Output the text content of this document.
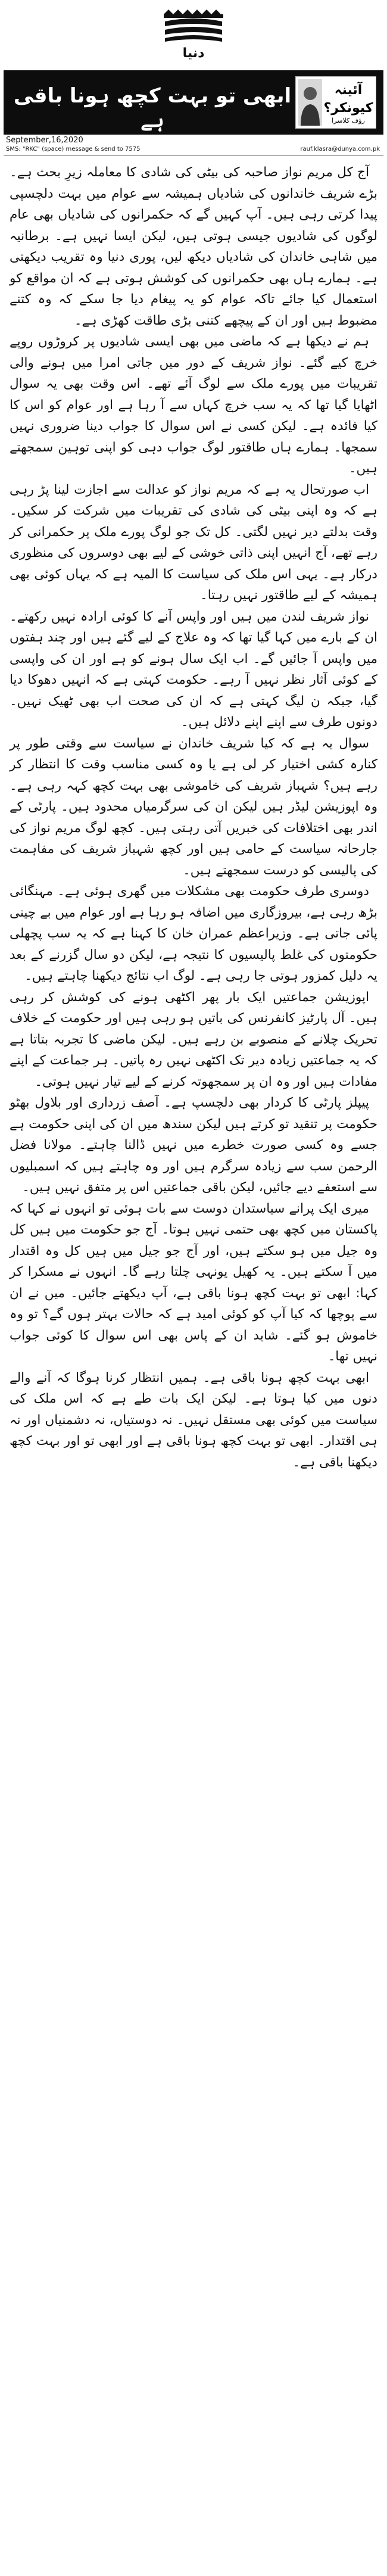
دنیا
ابھی تو بہت کچھ ہونا باقی ہے
آئینہ کیونکر؟
رؤف کلاسرا
September,16,2020
SMS: "RKC" (space) message & send to 7575	rauf.klasra@dunya.com.pk

آج کل مریم نواز صاحبہ کی بیٹی کی شادی کا معاملہ زیرِ بحث ہے۔ بڑے شریف خاندانوں کی شادیاں ہمیشہ سے عوام میں بہت دلچسپی پیدا کرتی رہی ہیں۔ آپ کہیں گے کہ حکمرانوں کی شادیاں بھی عام لوگوں کی شادیوں جیسی ہوتی ہیں، لیکن ایسا نہیں ہے۔ برطانیہ میں شاہی خاندان کی شادیاں دیکھ لیں، پوری دنیا وہ تقریب دیکھتی ہے۔ ہمارے ہاں بھی حکمرانوں کی کوشش ہوتی ہے کہ ان مواقع کو استعمال کیا جائے تاکہ عوام کو یہ پیغام دیا جا سکے کہ وہ کتنے مضبوط ہیں اور ان کے پیچھے کتنی بڑی طاقت کھڑی ہے۔

ہم نے دیکھا ہے کہ ماضی میں بھی ایسی شادیوں پر کروڑوں روپے خرچ کیے گئے۔ نواز شریف کے دور میں جاتی امرا میں ہونے والی تقریبات میں پورے ملک سے لوگ آئے تھے۔ اس وقت بھی یہ سوال اٹھایا گیا تھا کہ یہ سب خرچ کہاں سے آ رہا ہے اور عوام کو اس کا کیا فائدہ ہے۔ لیکن کسی نے اس سوال کا جواب دینا ضروری نہیں سمجھا۔ ہمارے ہاں طاقتور لوگ جواب دہی کو اپنی توہین سمجھتے ہیں۔

اب صورتحال یہ ہے کہ مریم نواز کو عدالت سے اجازت لینا پڑ رہی ہے کہ وہ اپنی بیٹی کی شادی کی تقریبات میں شرکت کر سکیں۔ وقت بدلتے دیر نہیں لگتی۔ کل تک جو لوگ پورے ملک پر حکمرانی کر رہے تھے، آج انہیں اپنی ذاتی خوشی کے لیے بھی دوسروں کی منظوری درکار ہے۔ یہی اس ملک کی سیاست کا المیہ ہے کہ یہاں کوئی بھی ہمیشہ کے لیے طاقتور نہیں رہتا۔

نواز شریف لندن میں ہیں اور واپس آنے کا کوئی ارادہ نہیں رکھتے۔ ان کے بارے میں کہا گیا تھا کہ وہ علاج کے لیے گئے ہیں اور چند ہفتوں میں واپس آ جائیں گے۔ اب ایک سال ہونے کو ہے اور ان کی واپسی کے کوئی آثار نظر نہیں آ رہے۔ حکومت کہتی ہے کہ انہیں دھوکا دیا گیا، جبکہ ن لیگ کہتی ہے کہ ان کی صحت اب بھی ٹھیک نہیں۔ دونوں طرف سے اپنے اپنے دلائل ہیں۔

سوال یہ ہے کہ کیا شریف خاندان نے سیاست سے وقتی طور پر کنارہ کشی اختیار کر لی ہے یا وہ کسی مناسب وقت کا انتظار کر رہے ہیں؟ شہباز شریف کی خاموشی بھی بہت کچھ کہہ رہی ہے۔ وہ اپوزیشن لیڈر ہیں لیکن ان کی سرگرمیاں محدود ہیں۔ پارٹی کے اندر بھی اختلافات کی خبریں آتی رہتی ہیں۔ کچھ لوگ مریم نواز کی جارحانہ سیاست کے حامی ہیں اور کچھ شہباز شریف کی مفاہمت کی پالیسی کو درست سمجھتے ہیں۔

دوسری طرف حکومت بھی مشکلات میں گھری ہوئی ہے۔ مہنگائی بڑھ رہی ہے، بیروزگاری میں اضافہ ہو رہا ہے اور عوام میں بے چینی پائی جاتی ہے۔ وزیراعظم عمران خان کا کہنا ہے کہ یہ سب پچھلی حکومتوں کی غلط پالیسیوں کا نتیجہ ہے، لیکن دو سال گزرنے کے بعد یہ دلیل کمزور ہوتی جا رہی ہے۔ لوگ اب نتائج دیکھنا چاہتے ہیں۔

اپوزیشن جماعتیں ایک بار پھر اکٹھی ہونے کی کوشش کر رہی ہیں۔ آل پارٹیز کانفرنس کی باتیں ہو رہی ہیں اور حکومت کے خلاف تحریک چلانے کے منصوبے بن رہے ہیں۔ لیکن ماضی کا تجربہ بتاتا ہے کہ یہ جماعتیں زیادہ دیر تک اکٹھی نہیں رہ پاتیں۔ ہر جماعت کے اپنے مفادات ہیں اور وہ ان پر سمجھوتہ کرنے کے لیے تیار نہیں ہوتی۔

پیپلز پارٹی کا کردار بھی دلچسپ ہے۔ آصف زرداری اور بلاول بھٹو حکومت پر تنقید تو کرتے ہیں لیکن سندھ میں ان کی اپنی حکومت ہے جسے وہ کسی صورت خطرے میں نہیں ڈالنا چاہتے۔ مولانا فضل الرحمن سب سے زیادہ سرگرم ہیں اور وہ چاہتے ہیں کہ اسمبلیوں سے استعفے دیے جائیں، لیکن باقی جماعتیں اس پر متفق نہیں ہیں۔

میری ایک پرانے سیاستدان دوست سے بات ہوئی تو انہوں نے کہا کہ پاکستان میں کچھ بھی حتمی نہیں ہوتا۔ آج جو حکومت میں ہیں کل وہ جیل میں ہو سکتے ہیں، اور آج جو جیل میں ہیں کل وہ اقتدار میں آ سکتے ہیں۔ یہ کھیل یونہی چلتا رہے گا۔ انہوں نے مسکرا کر کہا: ابھی تو بہت کچھ ہونا باقی ہے، آپ دیکھتے جائیں۔ میں نے ان سے پوچھا کہ کیا آپ کو کوئی امید ہے کہ حالات بہتر ہوں گے؟ تو وہ خاموش ہو گئے۔ شاید ان کے پاس بھی اس سوال کا کوئی جواب نہیں تھا۔

ابھی بہت کچھ ہونا باقی ہے۔ ہمیں انتظار کرنا ہوگا کہ آنے والے دنوں میں کیا ہوتا ہے۔ لیکن ایک بات طے ہے کہ اس ملک کی سیاست میں کوئی بھی مستقل نہیں۔ نہ دوستیاں، نہ دشمنیاں اور نہ ہی اقتدار۔ ابھی تو بہت کچھ ہونا باقی ہے اور ابھی تو اور بہت کچھ دیکھنا باقی ہے۔
